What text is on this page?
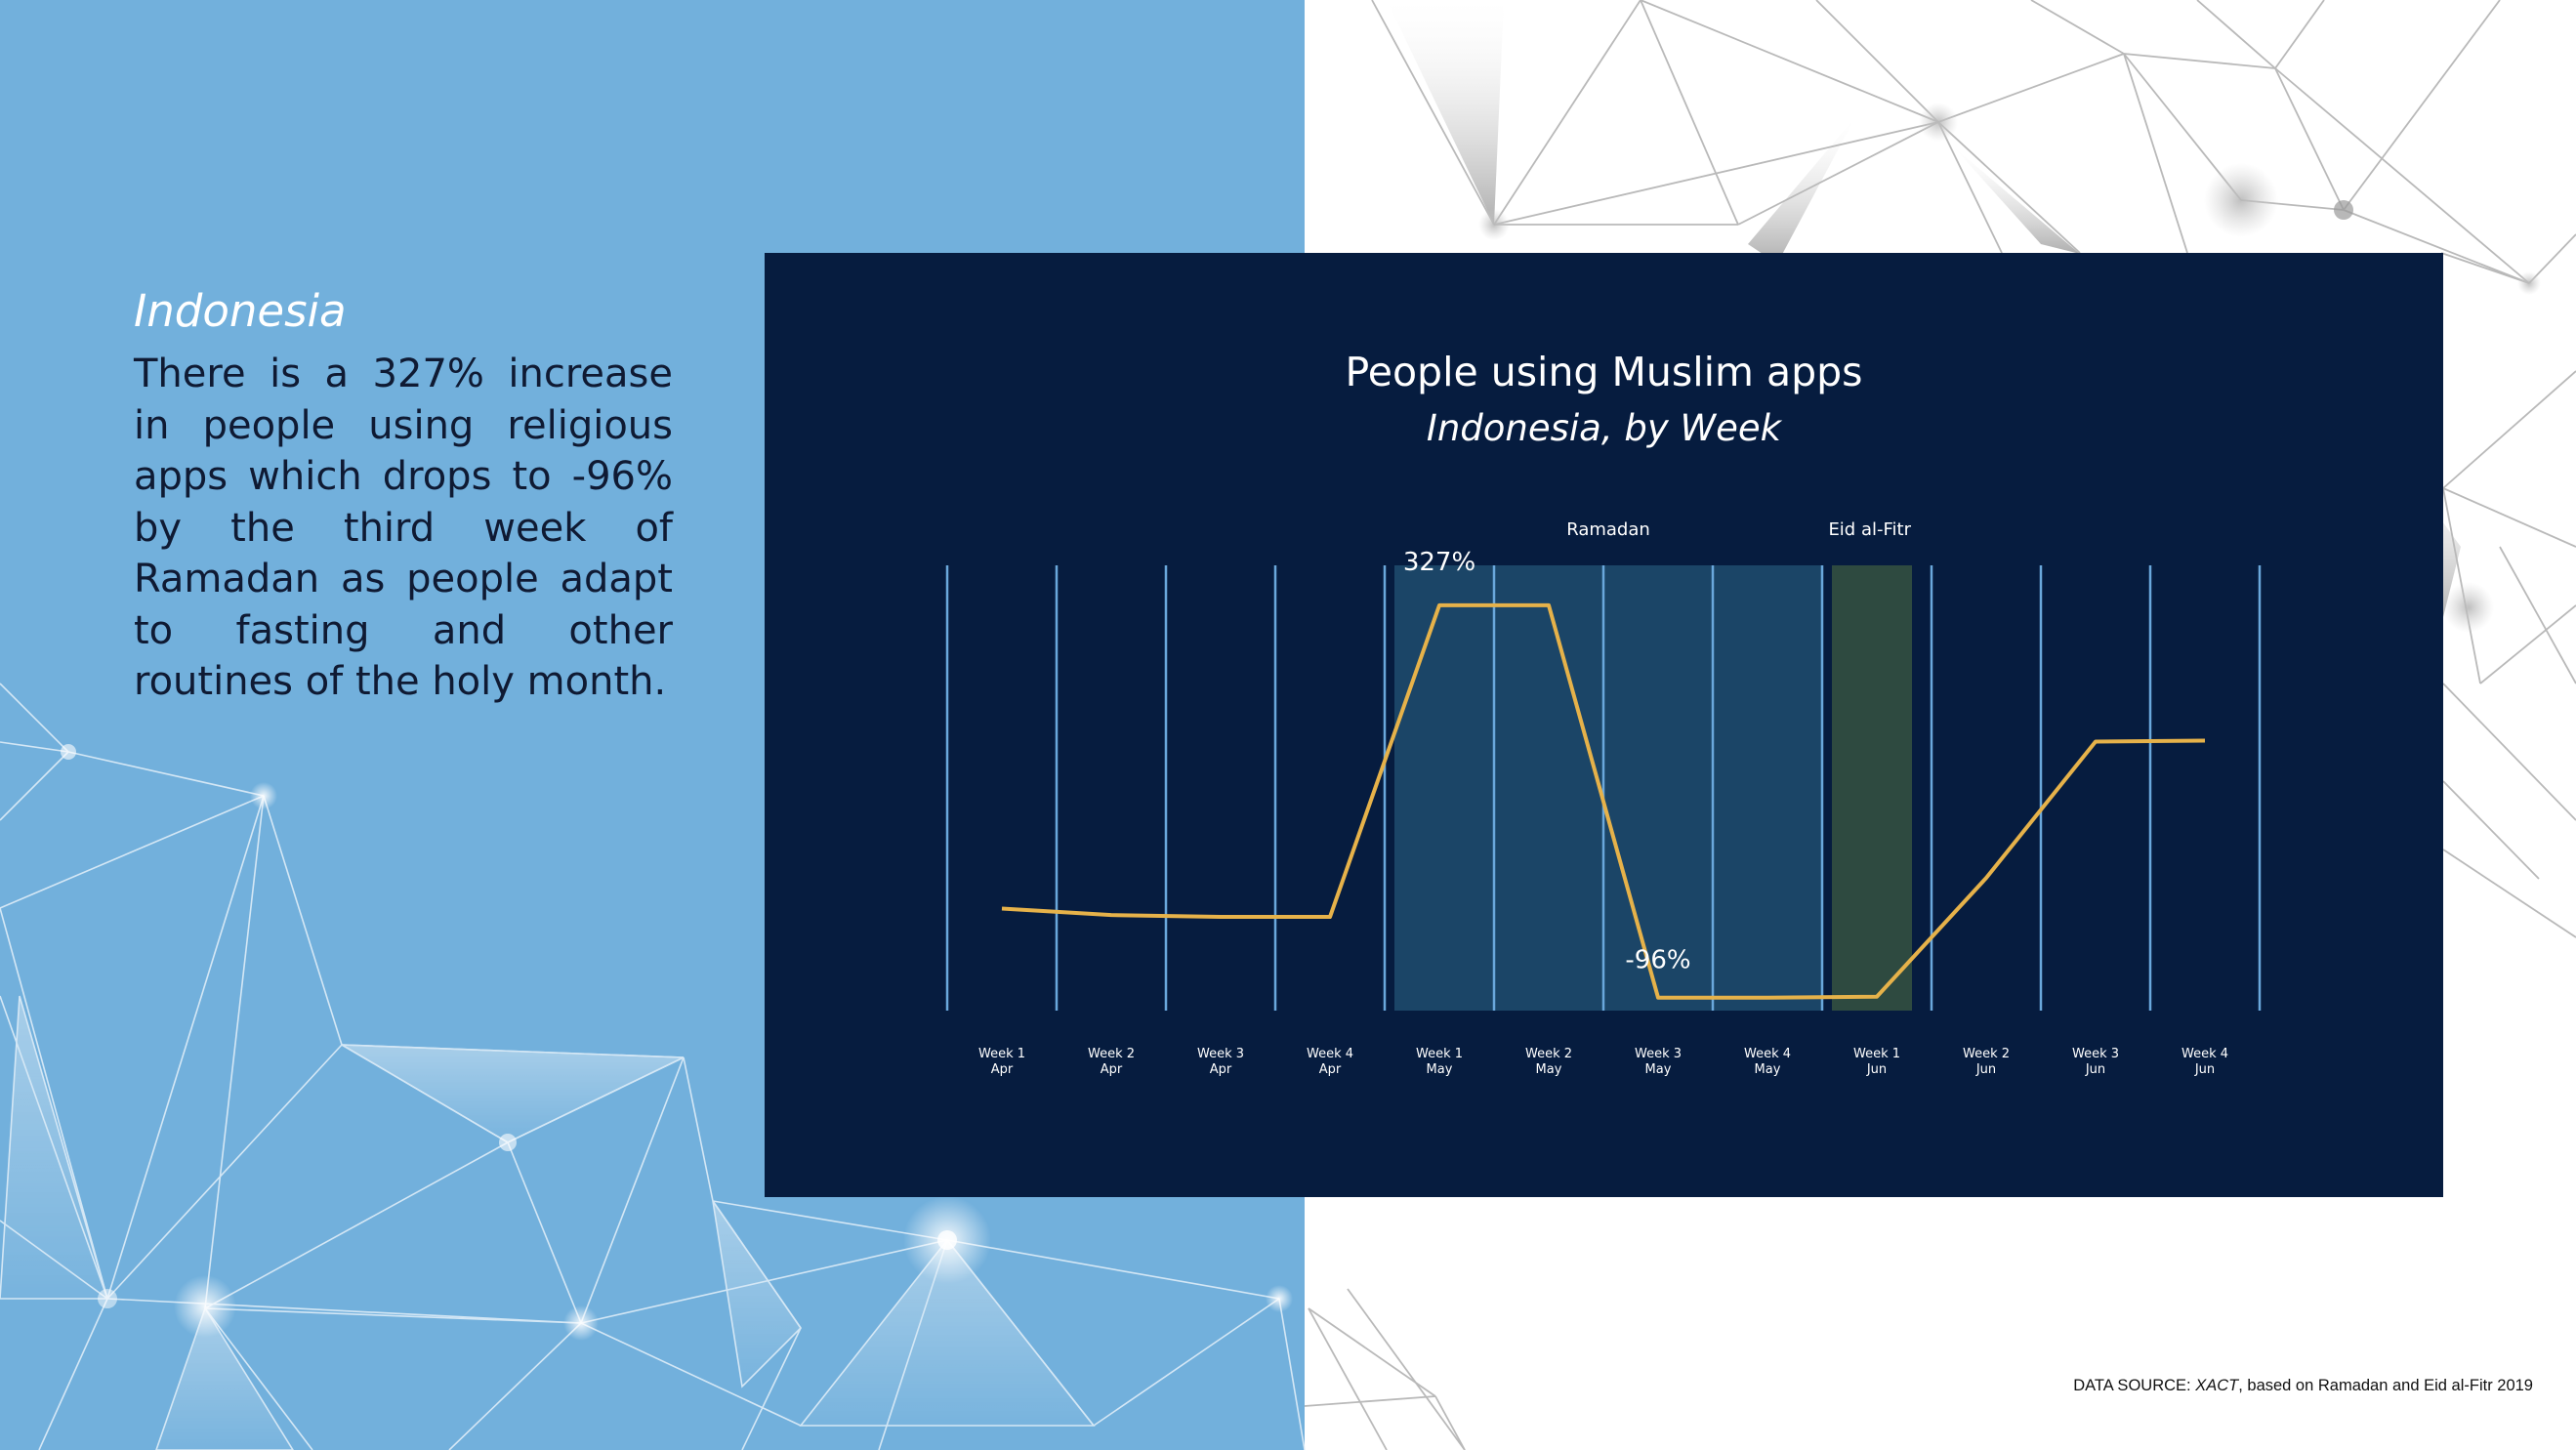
Indonesia

There is a 327% increase in people using religious apps which drops to -96% by the third week of Ramadan as people adapt to fasting and other routines of the holy month.

People using Muslim apps
Indonesia, by Week
Ramadan	Eid al-Fitr
327%
-96%
Week 1
Apr
Week 2
Apr
Week 3
Apr
Week 4
Apr
Week 1
May
Week 2
May
Week 3
May
Week 4
May
Week 1
Jun
Week 2
Jun
Week 3
Jun
Week 4
Jun
DATA SOURCE: XACT, based on Ramadan and Eid al-Fitr 2019
